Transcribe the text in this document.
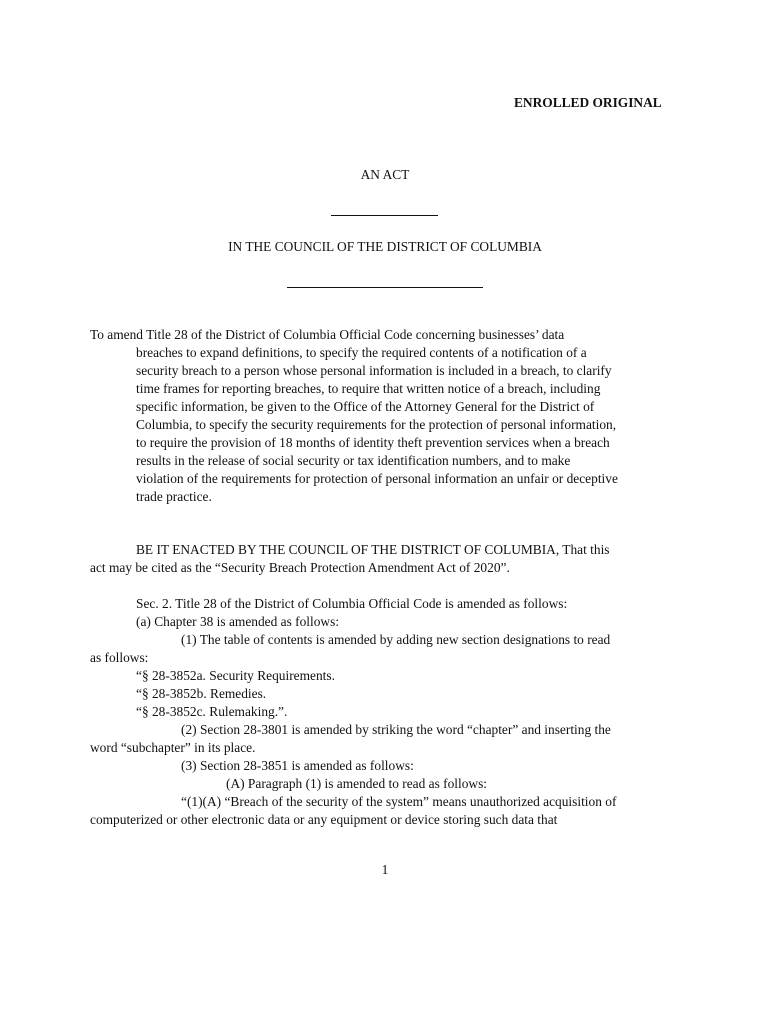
ENROLLED ORIGINAL
AN ACT
IN THE COUNCIL OF THE DISTRICT OF COLUMBIA
To amend Title 28 of the District of Columbia Official Code concerning businesses’ data
breaches to expand definitions, to specify the required contents of a notification of a
security breach to a person whose personal information is included in a breach, to clarify
time frames for reporting breaches, to require that written notice of a breach, including
specific information, be given to the Office of the Attorney General for the District of
Columbia, to specify the security requirements for the protection of personal information,
to require the provision of 18 months of identity theft prevention services when a breach
results in the release of social security or tax identification numbers, and to make
violation of the requirements for protection of personal information an unfair or deceptive
trade practice.
BE IT ENACTED BY THE COUNCIL OF THE DISTRICT OF COLUMBIA, That this
act may be cited as the “Security Breach Protection Amendment Act of 2020”.
Sec. 2. Title 28 of the District of Columbia Official Code is amended as follows:
(a) Chapter 38 is amended as follows:
(1) The table of contents is amended by adding new section designations to read
as follows:
“§ 28-3852a. Security Requirements.
“§ 28-3852b. Remedies.
“§ 28-3852c. Rulemaking.”.
(2) Section 28-3801 is amended by striking the word “chapter” and inserting the
word “subchapter” in its place.
(3) Section 28-3851 is amended as follows:
(A) Paragraph (1) is amended to read as follows:
“(1)(A) “Breach of the security of the system” means unauthorized acquisition of
computerized or other electronic data or any equipment or device storing such data that
1
